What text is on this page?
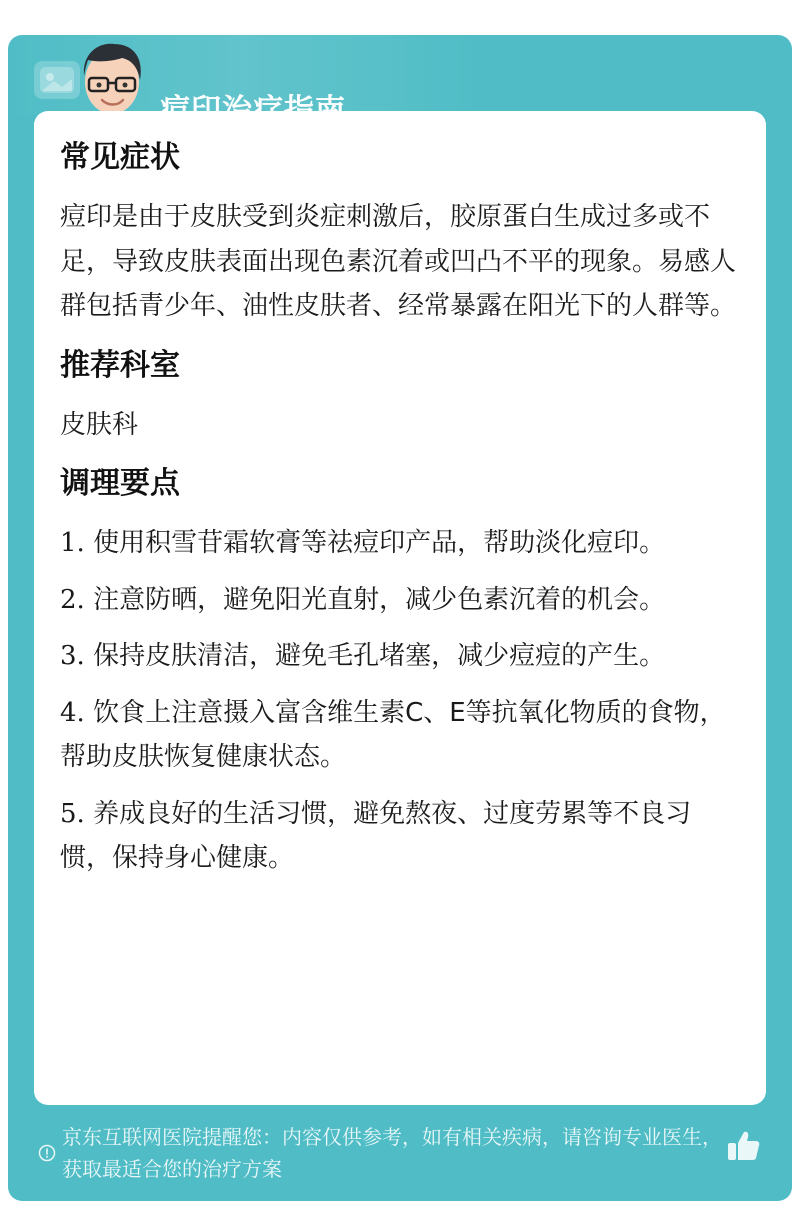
常见症状
痘印是由于皮肤受到炎症刺激后，胶原蛋白生成过多或不足，导致皮肤表面出现色素沉着或凹凸不平的现象。易感人群包括青少年、油性皮肤者、经常暴露在阳光下的人群等。
推荐科室
皮肤科
调理要点
1. 使用积雪苷霜软膏等祛痘印产品，帮助淡化痘印。
2. 注意防晒，避免阳光直射，减少色素沉着的机会。
3. 保持皮肤清洁，避免毛孔堵塞，减少痘痘的产生。
4. 饮食上注意摄入富含维生素C、E等抗氧化物质的食物，帮助皮肤恢复健康状态。
5. 养成良好的生活习惯，避免熬夜、过度劳累等不良习惯，保持身心健康。
京东互联网医院提醒您：内容仅供参考，如有相关疾病，请咨询专业医生，获取最适合您的治疗方案
